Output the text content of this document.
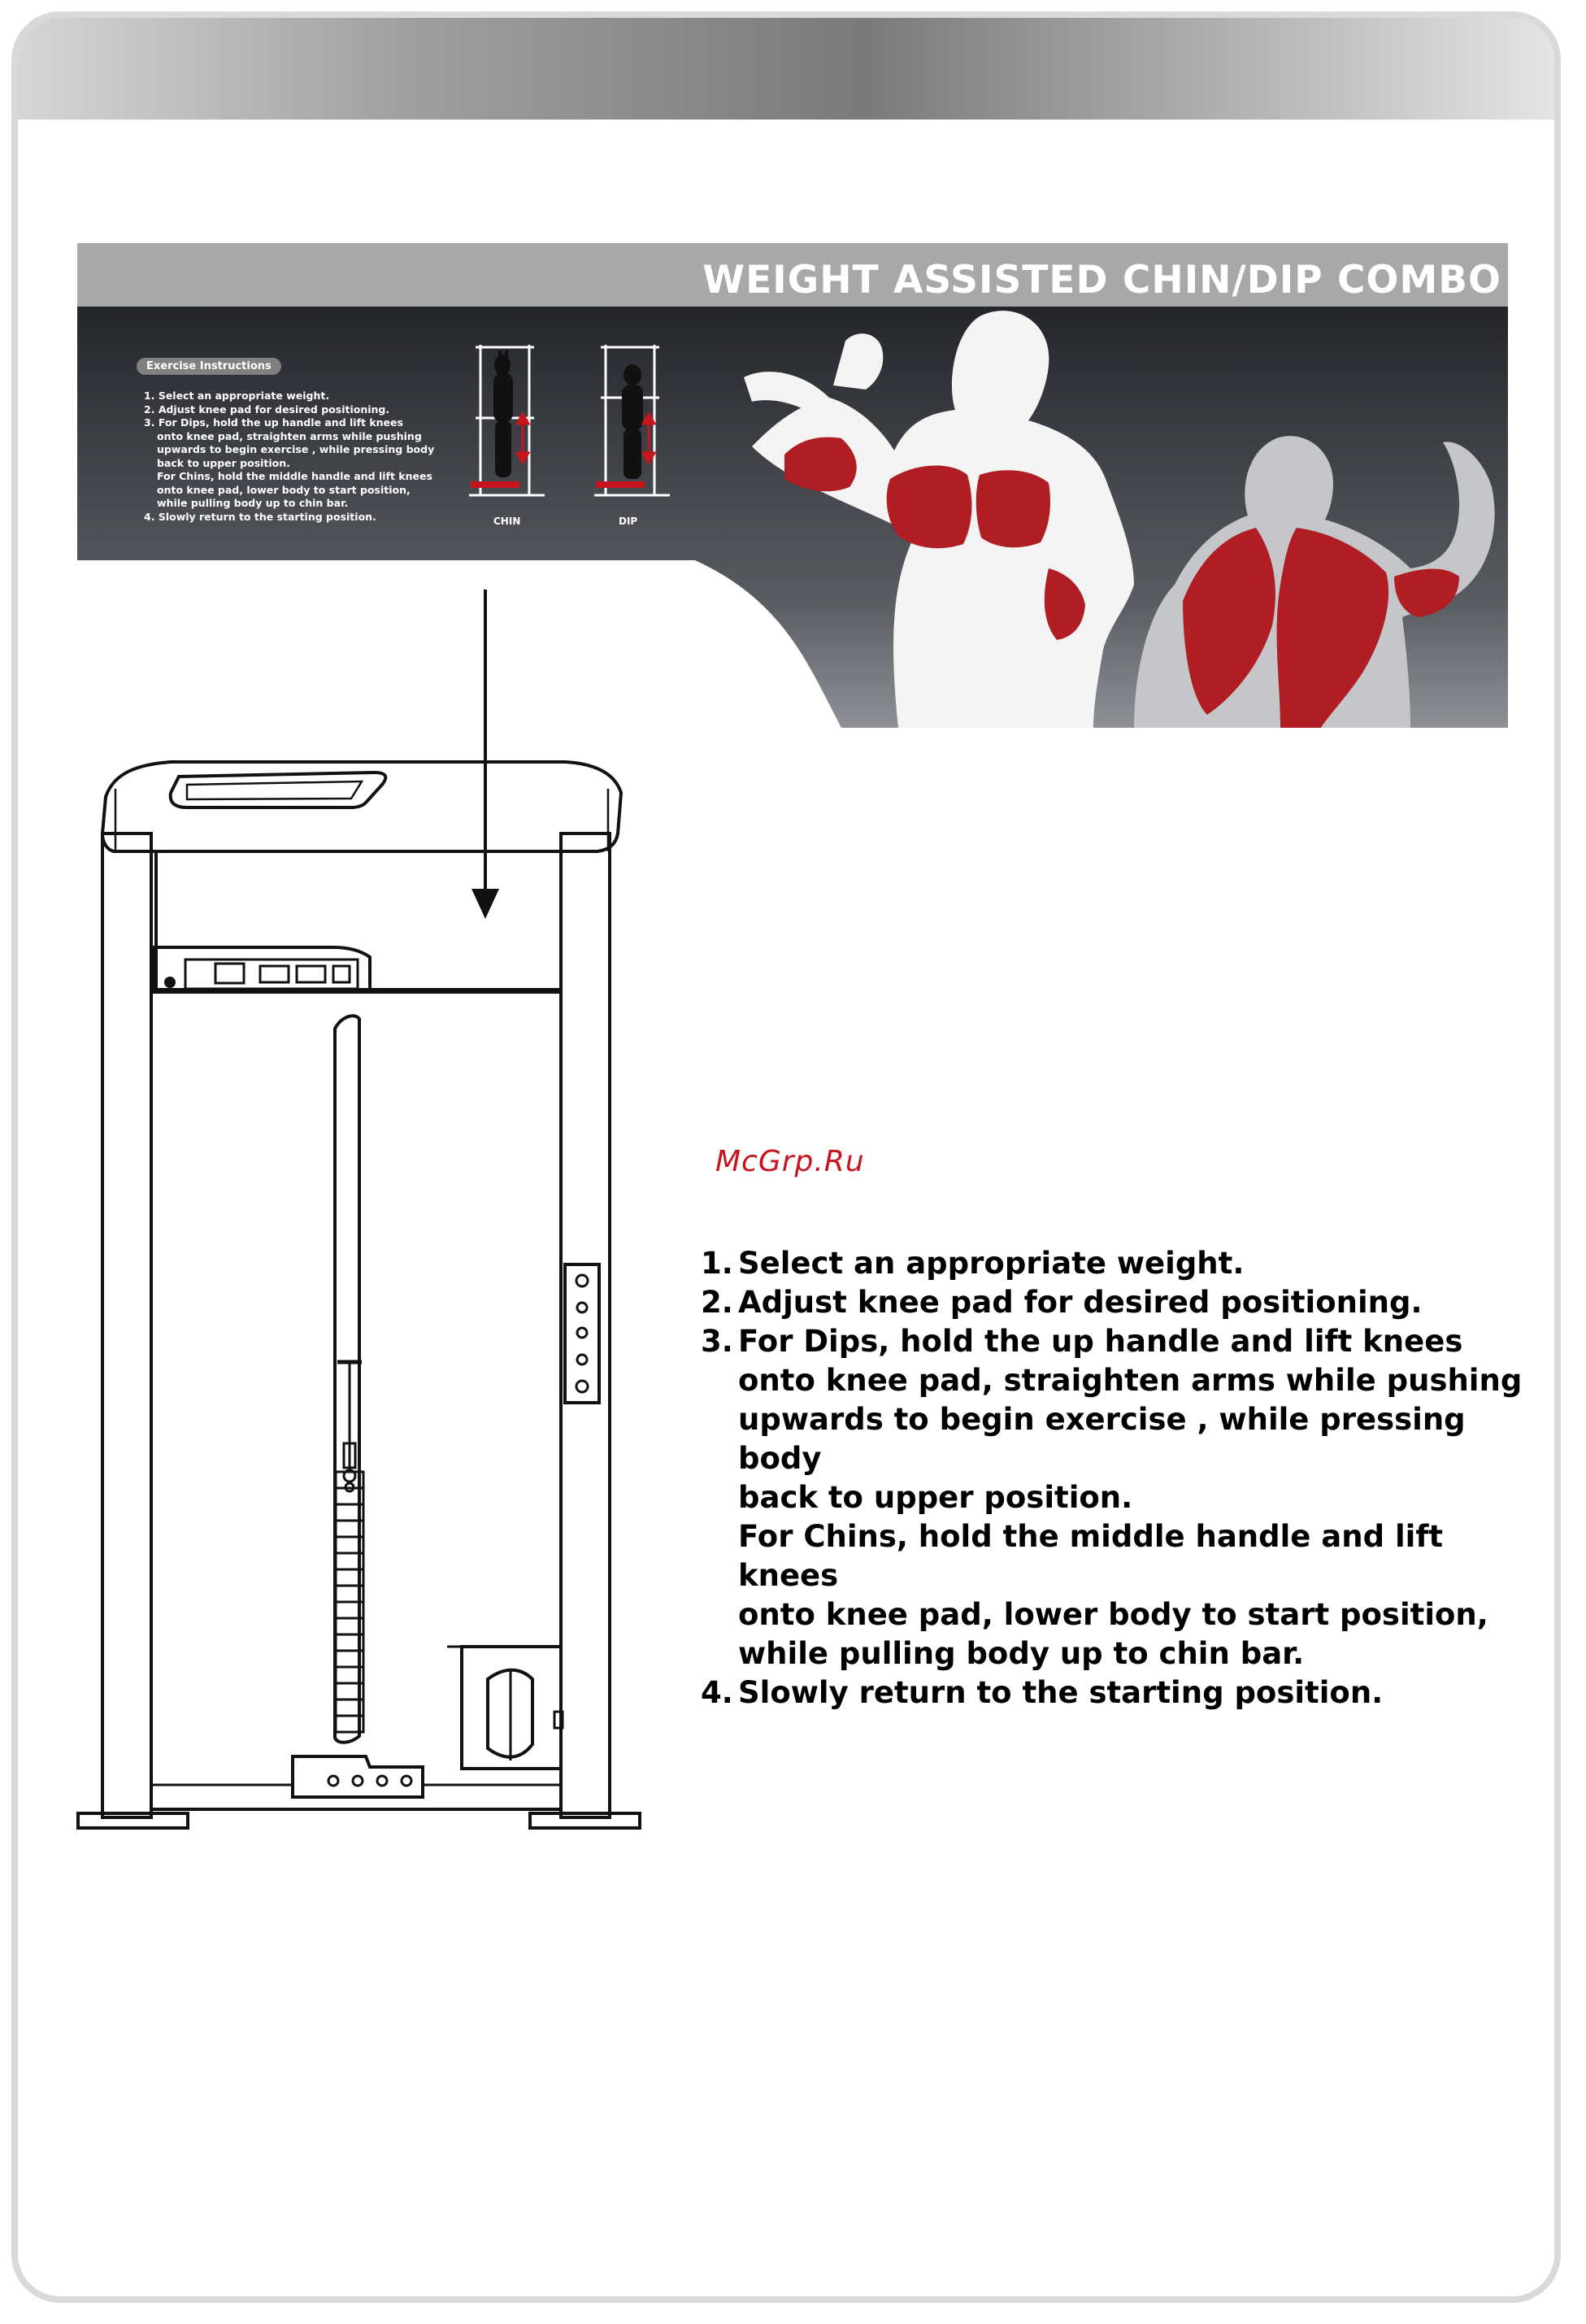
WEIGHT ASSISTED CHIN/DIP COMBO
Exercise Instructions
1. Select an appropriate weight.
2. Adjust knee pad for desired positioning.
3. For Dips, hold the up handle and lift knees
onto knee pad, straighten arms while pushing
upwards to begin exercise , while pressing body
back to upper position.
For Chins, hold the middle handle and lift knees
onto knee pad, lower body to start position,
while pulling body up to chin bar.
4. Slowly return to the starting position.	CHIN	DIP

McGrp.Ru

1. Select an appropriate weight.
2. Adjust knee pad for desired positioning.
3. For Dips, hold the up handle and lift knees
onto knee pad, straighten arms while pushing
upwards to begin exercise , while pressing body
back to upper position.
For Chins, hold the middle handle and lift knees
onto knee pad, lower body to start position,
while pulling body up to chin bar.
4. Slowly return to the starting position.
